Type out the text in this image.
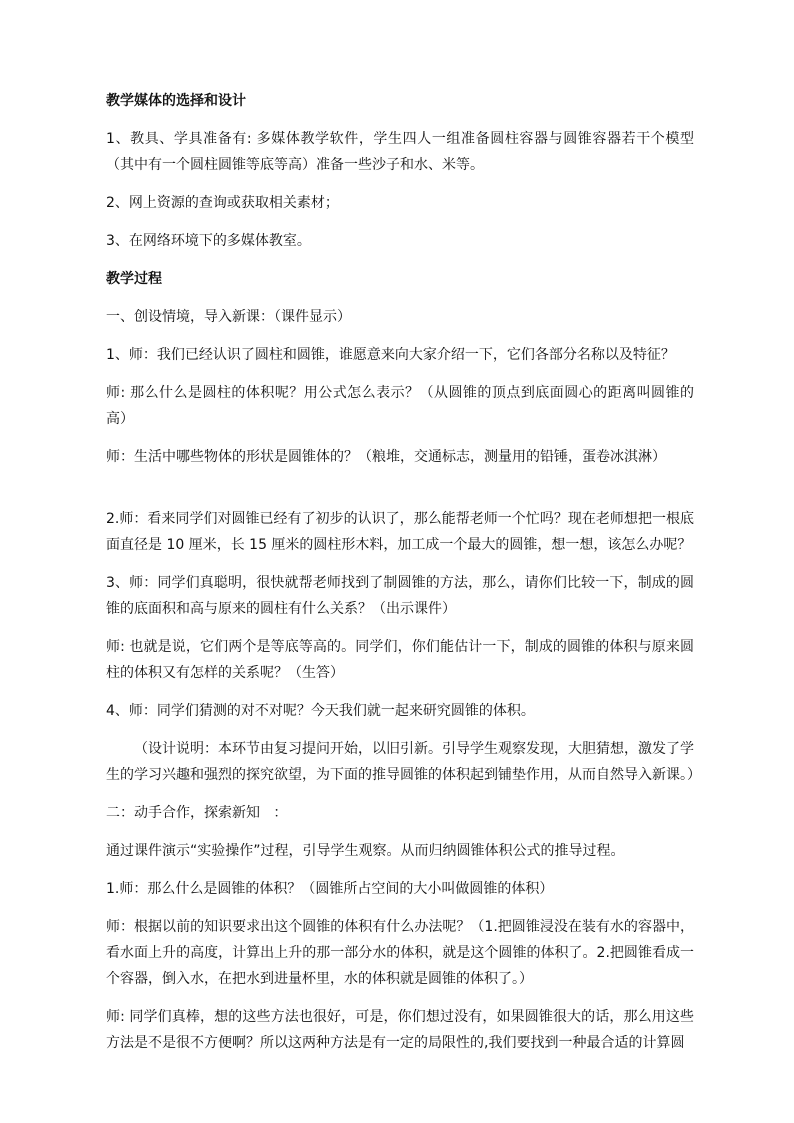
教学媒体的选择和设计

1、教具、学具准备有: 多媒体教学软件，学生四人一组准备圆柱容器与圆锥容器若干个模型（其中有一个圆柱圆锥等底等高）准备一些沙子和水、米等。

2、网上资源的查询或获取相关素材；

3、在网络环境下的多媒体教室。

教学过程

一、创设情境，导入新课：（课件显示）

1、师：我们已经认识了圆柱和圆锥，谁愿意来向大家介绍一下，它们各部分名称以及特征？

师: 那么什么是圆柱的体积呢？用公式怎么表示？（从圆锥的顶点到底面圆心的距离叫圆锥的高）

师：生活中哪些物体的形状是圆锥体的？（粮堆，交通标志，测量用的铅锤，蛋卷冰淇淋）

2.师：看来同学们对圆锥已经有了初步的认识了，那么能帮老师一个忙吗？现在老师想把一根底面直径是 10 厘米，长 15 厘米的圆柱形木料，加工成一个最大的圆锥，想一想，该怎么办呢？

3、师：同学们真聪明，很快就帮老师找到了制圆锥的方法，那么，请你们比较一下，制成的圆锥的底面积和高与原来的圆柱有什么关系？（出示课件）

师: 也就是说，它们两个是等底等高的。同学们，你们能估计一下，制成的圆锥的体积与原来圆柱的体积又有怎样的关系呢？（生答）

4、师：同学们猜测的对不对呢？今天我们就一起来研究圆锥的体积。

（设计说明：本环节由复习提问开始，以旧引新。引导学生观察发现，大胆猜想，激发了学生的学习兴趣和强烈的探究欲望，为下面的推导圆锥的体积起到铺垫作用，从而自然导入新课。）

二：动手合作，探索新知   ：

通过课件演示“实验操作”过程，引导学生观察。从而归纳圆锥体积公式的推导过程。

1.师：那么什么是圆锥的体积？（圆锥所占空间的大小叫做圆锥的体积）

师：根据以前的知识要求出这个圆锥的体积有什么办法呢？（1.把圆锥浸没在装有水的容器中，看水面上升的高度，计算出上升的那一部分水的体积，就是这个圆锥的体积了。2.把圆锥看成一个容器，倒入水，在把水到进量杯里，水的体积就是圆锥的体积了。）

师: 同学们真棒，想的这些方法也很好，可是，你们想过没有，如果圆锥很大的话，那么用这些方法是不是很不方便啊？所以这两种方法是有一定的局限性的,我们要找到一种最合适的计算圆
